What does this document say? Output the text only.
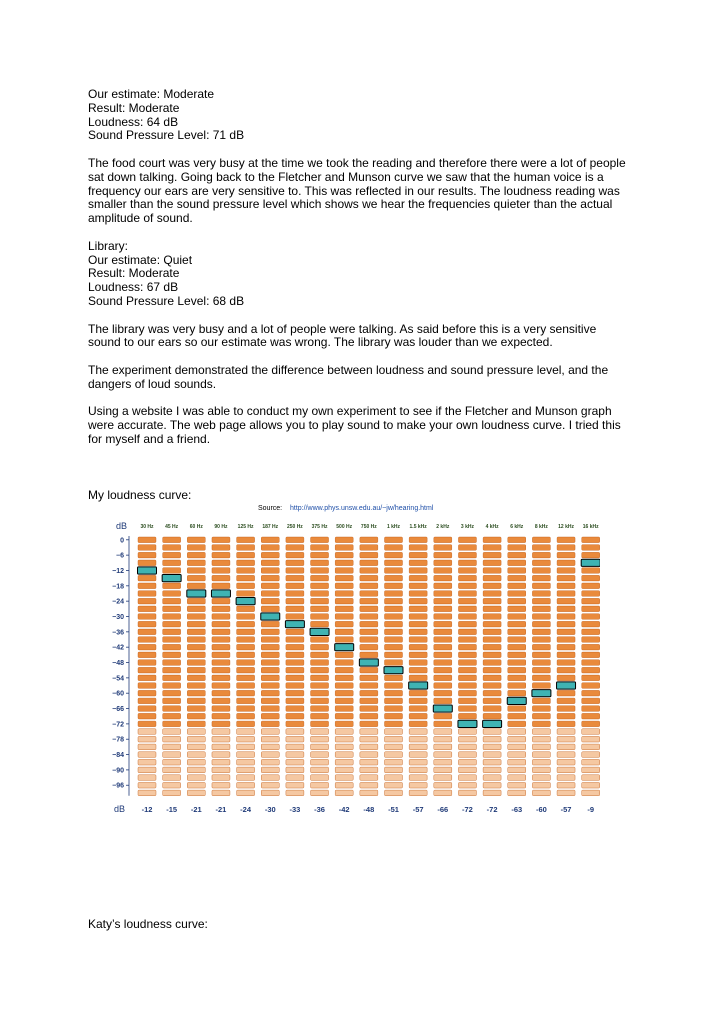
Our estimate: Moderate
Result: Moderate
Loudness: 64 dB
Sound Pressure Level: 71 dB
The food court was very busy at the time we took the reading and therefore there were a lot of people
sat down talking. Going back to the Fletcher and Munson curve we saw that the human voice is a
frequency our ears are very sensitive to. This was reflected in our results. The loudness reading was
smaller than the sound pressure level which shows we hear the frequencies quieter than the actual
amplitude of sound.
Library:
Our estimate: Quiet
Result: Moderate
Loudness: 67 dB
Sound Pressure Level: 68 dB
The library was very busy and a lot of people were talking. As said before this is a very sensitive
sound to our ears so our estimate was wrong. The library was louder than we expected.
The experiment demonstrated the difference between loudness and sound pressure level, and the
dangers of loud sounds.
Using a website I was able to conduct my own experiment to see if the Fletcher and Munson graph
were accurate. The web page allows you to play sound to make your own loudness curve. I tried this
for myself and a friend.
My loudness curve:
Source: http://www.phys.unsw.edu.au/~jw/hearing.html
dB	30 Hz 45 Hz 60 Hz 90 Hz 125 Hz 187 Hz 250 Hz 375 Hz 500 Hz 750 Hz 1 kHz 1.5 kHz 2 kHz 3 kHz 4 kHz 6 kHz 8 kHz 12 kHz 16 kHz
0
−6
−12
−18
−24
−30
−36
−42
−48
−54
−60
−66
−72
−78
−84
−90
−96
dB -12 -15 -21 -21 -24 -30 -33 -36 -42 -48 -51 -57 -66 -72 -72 -63 -60 -57 -9
Katy’s loudness curve:
